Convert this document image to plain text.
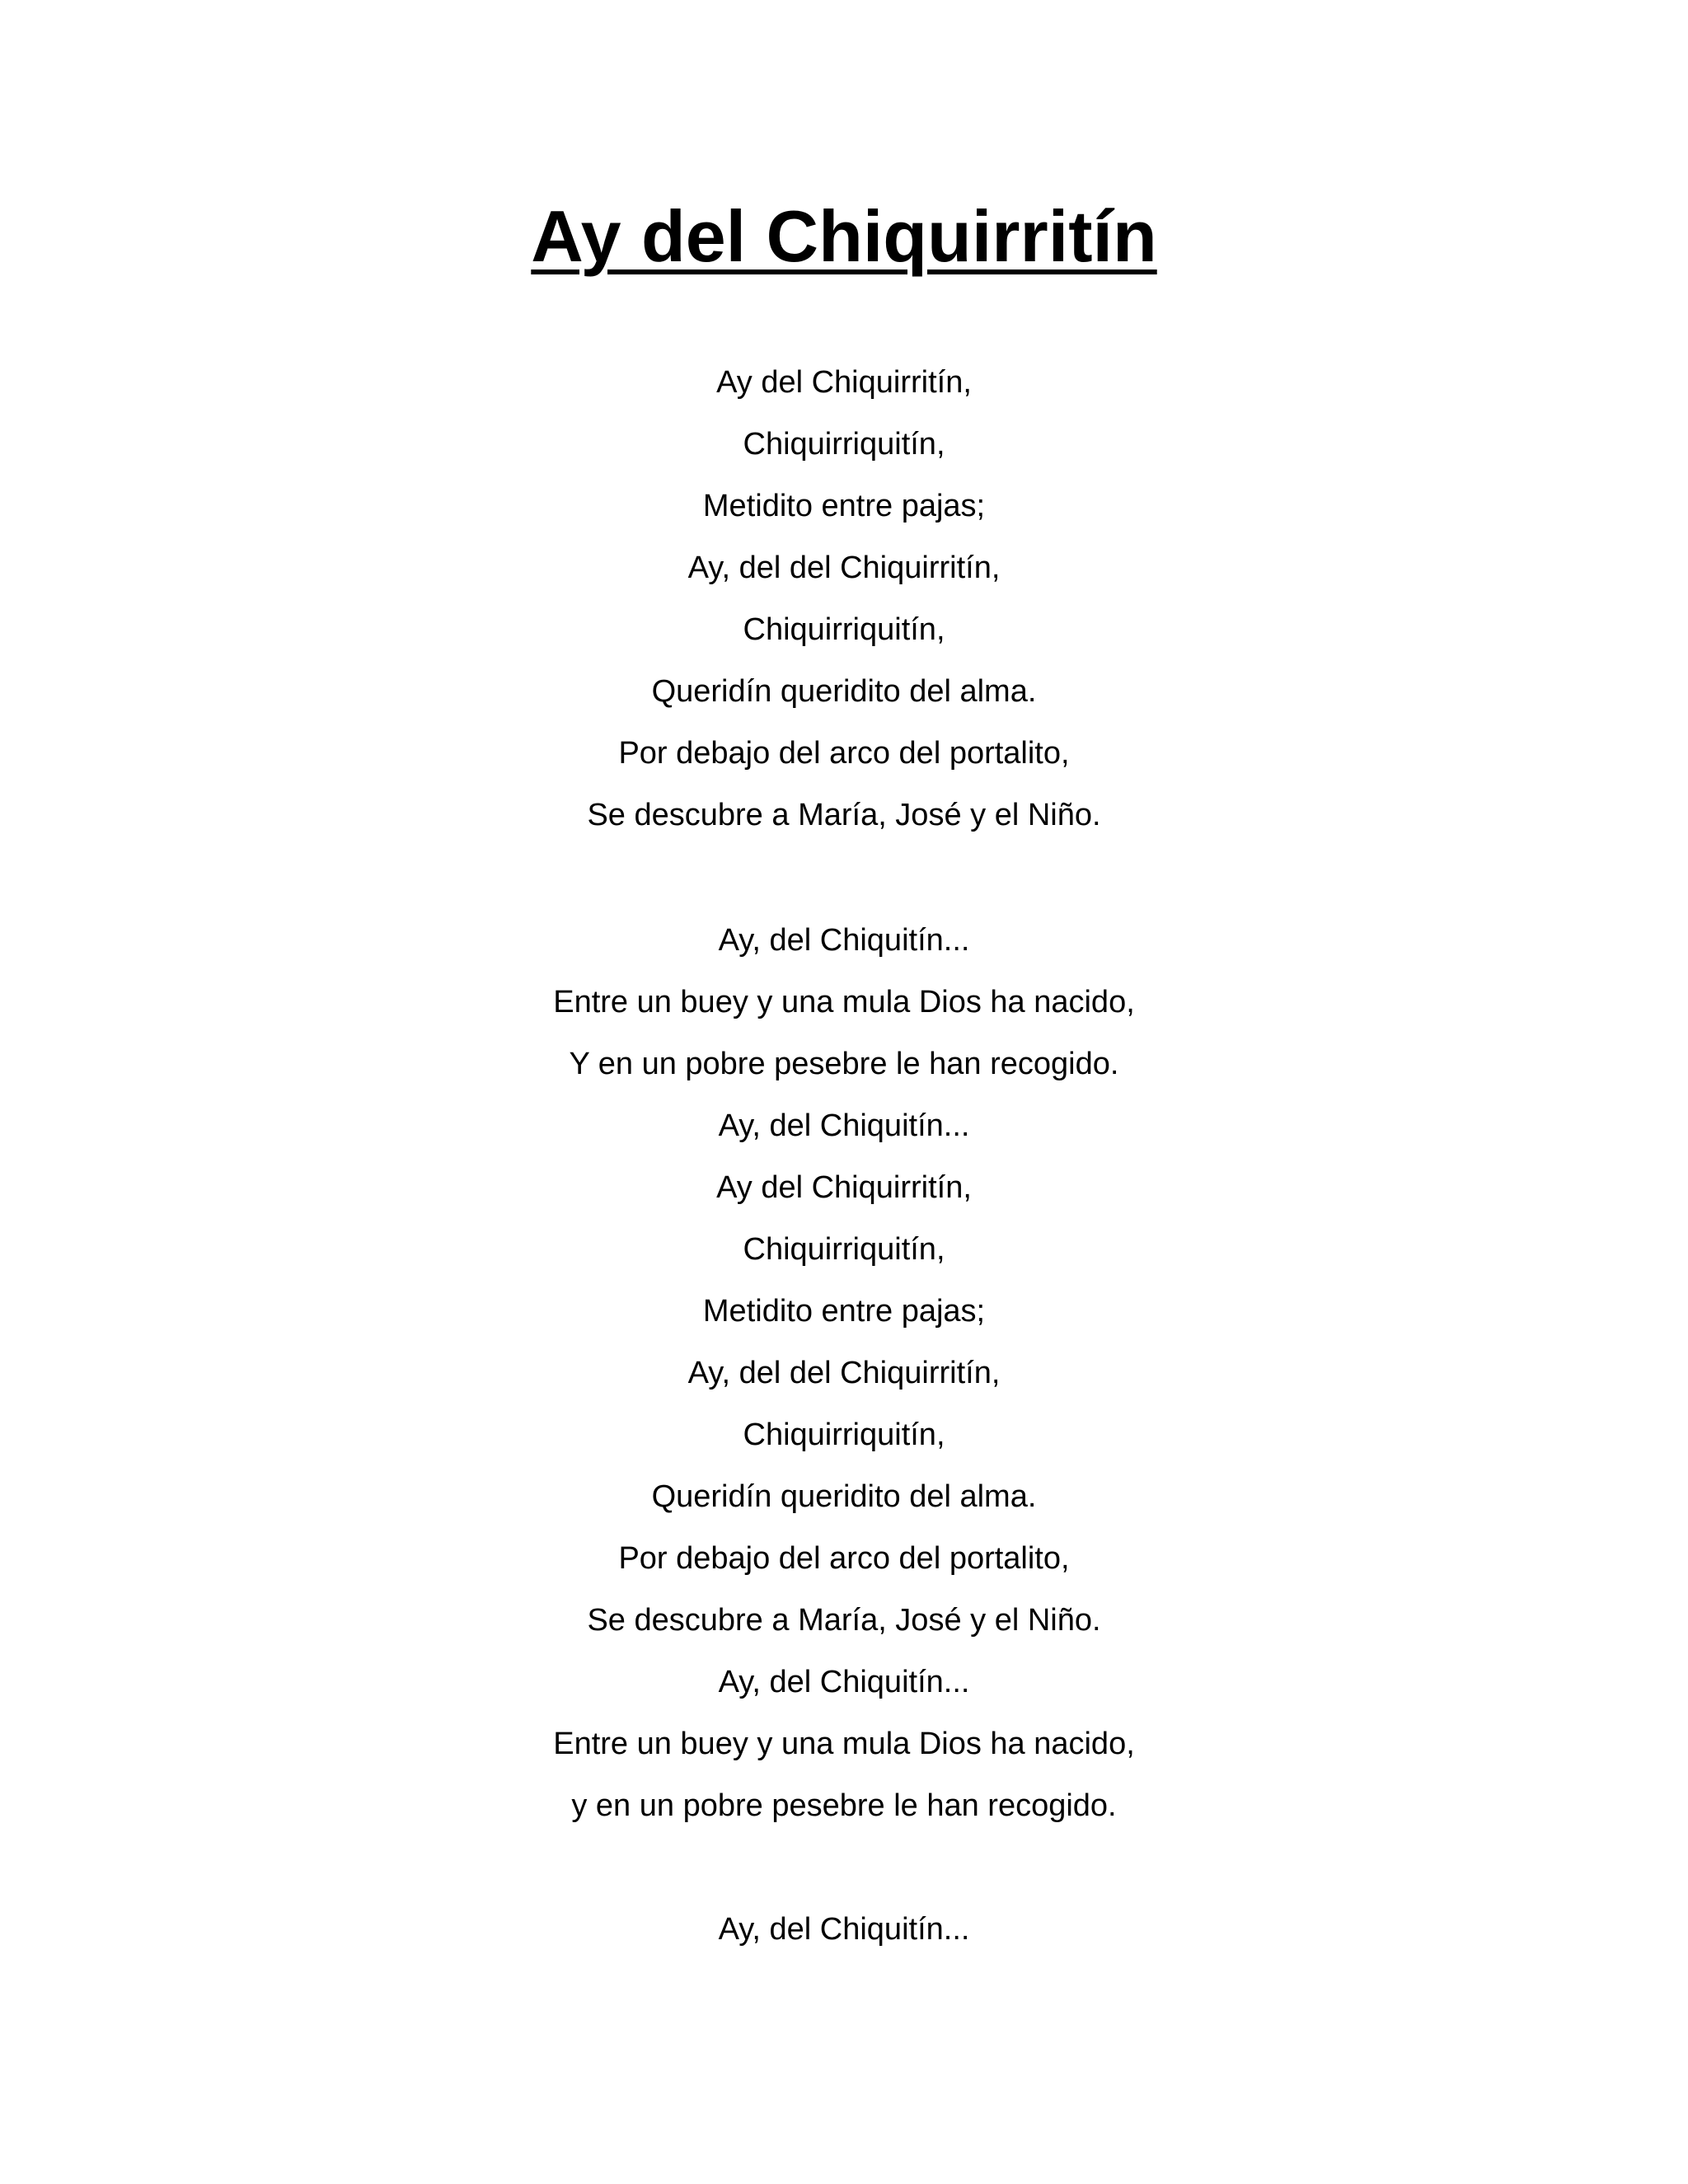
Ay del Chiquirritín
Ay del Chiquirritín,
Chiquirriquitín,
Metidito entre pajas;
Ay, del del Chiquirritín,
Chiquirriquitín,
Queridín queridito del alma.
Por debajo del arco del portalito,
Se descubre a María, José y el Niño.
Ay, del Chiquitín...
Entre un buey y una mula Dios ha nacido,
Y en un pobre pesebre le han recogido.
Ay, del Chiquitín...
Ay del Chiquirritín,
Chiquirriquitín,
Metidito entre pajas;
Ay, del del Chiquirritín,
Chiquirriquitín,
Queridín queridito del alma.
Por debajo del arco del portalito,
Se descubre a María, José y el Niño.
Ay, del Chiquitín...
Entre un buey y una mula Dios ha nacido,
y en un pobre pesebre le han recogido.
Ay, del Chiquitín...
